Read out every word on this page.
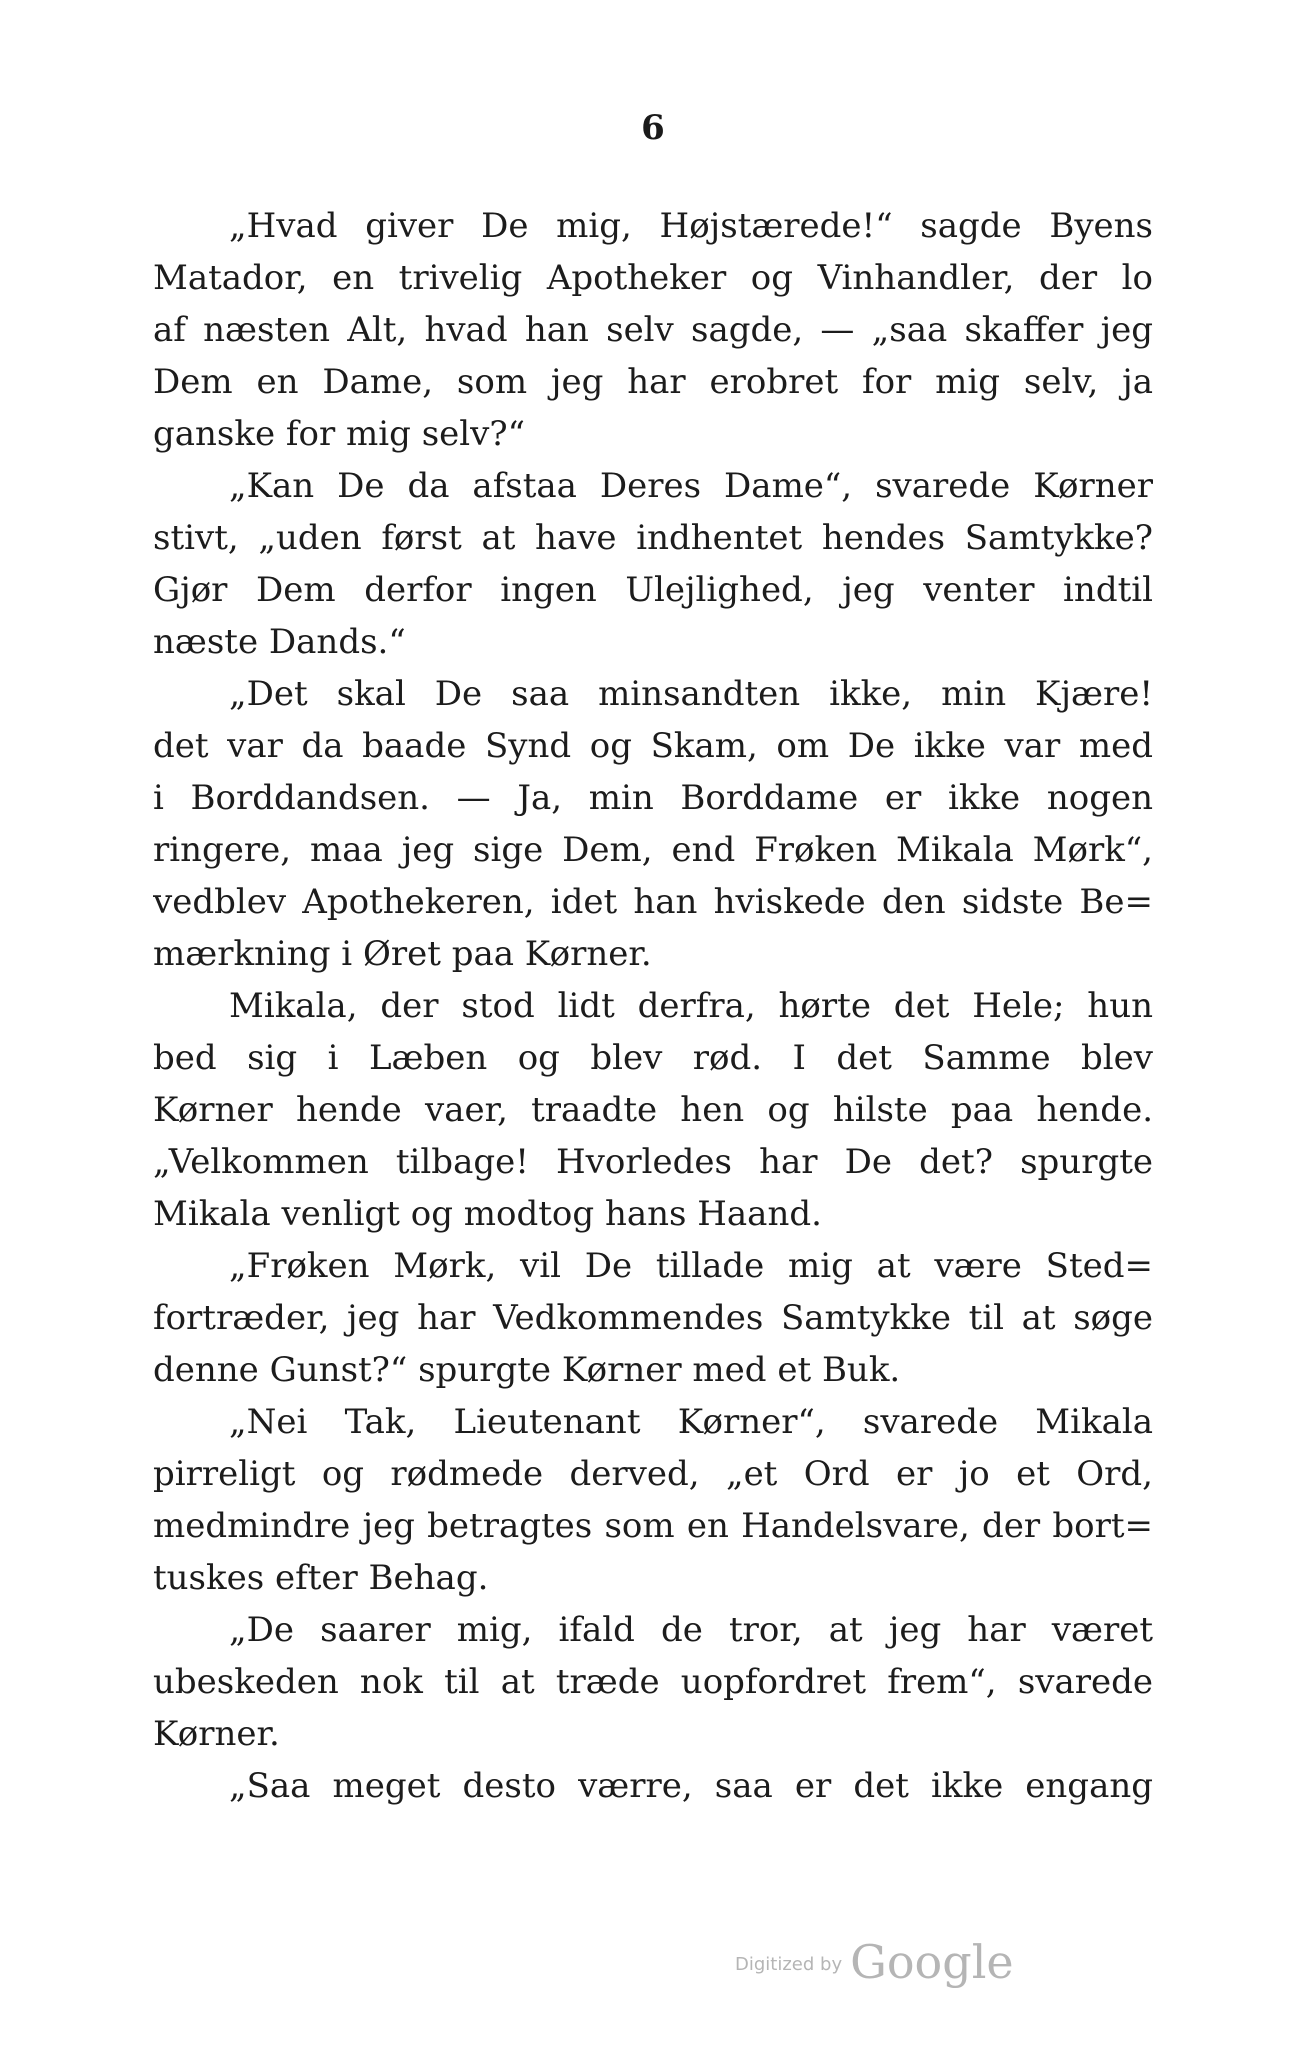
6
„Hvad giver De mig, Højstærede!“ sagde Byens
Matador, en trivelig Apotheker og Vinhandler, der lo
af næsten Alt, hvad han selv sagde, — „saa skaffer jeg
Dem en Dame, som jeg har erobret for mig selv, ja
ganske for mig selv?“
„Kan De da afstaa Deres Dame“, svarede Kørner
stivt, „uden først at have indhentet hendes Samtykke?
Gjør Dem derfor ingen Ulejlighed, jeg venter indtil
næste Dands.“
„Det skal De saa minsandten ikke, min Kjære!
det var da baade Synd og Skam, om De ikke var med
i Borddandsen. — Ja, min Borddame er ikke nogen
ringere, maa jeg sige Dem, end Frøken Mikala Mørk“,
vedblev Apothekeren, idet han hviskede den sidste Be=
mærkning i Øret paa Kørner.
Mikala, der stod lidt derfra, hørte det Hele; hun
bed sig i Læben og blev rød. I det Samme blev
Kørner hende vaer, traadte hen og hilste paa hende.
„Velkommen tilbage! Hvorledes har De det? spurgte
Mikala venligt og modtog hans Haand.
„Frøken Mørk, vil De tillade mig at være Sted=
fortræder, jeg har Vedkommendes Samtykke til at søge
denne Gunst?“ spurgte Kørner med et Buk.
„Nei Tak, Lieutenant Kørner“, svarede Mikala
pirreligt og rødmede derved, „et Ord er jo et Ord,
medmindre jeg betragtes som en Handelsvare, der bort=
tuskes efter Behag.
„De saarer mig, ifald de tror, at jeg har været
ubeskeden nok til at træde uopfordret frem“, svarede
Kørner.
„Saa meget desto værre, saa er det ikke engang
Digitized by Google
